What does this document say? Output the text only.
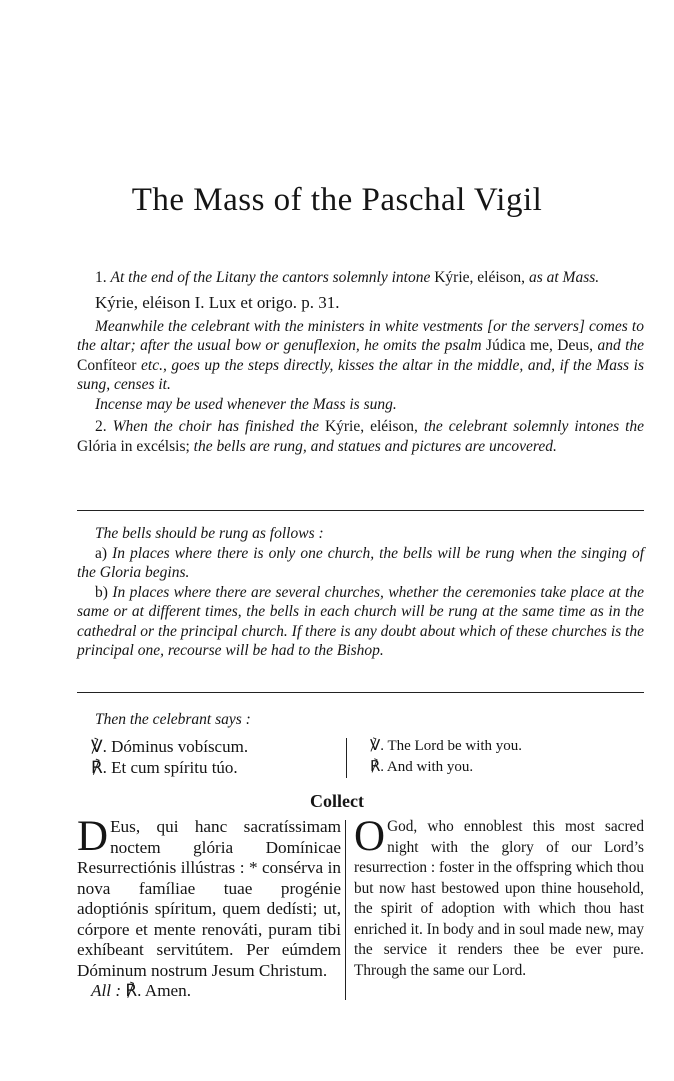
The Mass of the Paschal Vigil

1. At the end of the Litany the cantors solemnly intone Kýrie, eléison, as at Mass.

Kýrie, eléison I. Lux et origo. p. 31.

Meanwhile the celebrant with the ministers in white vestments [or the servers] comes to the altar; after the usual bow or genuflexion, he omits the psalm Júdica me, Deus, and the Confíteor etc., goes up the steps directly, kisses the altar in the middle, and, if the Mass is sung, censes it.

Incense may be used whenever the Mass is sung.

2. When the choir has finished the Kýrie, eléison, the celebrant solemnly intones the Glória in excélsis; the bells are rung, and statues and pictures are uncovered.

The bells should be rung as follows :

a) In places where there is only one church, the bells will be rung when the singing of the Gloria begins.

b) In places where there are several churches, whether the ceremonies take place at the same or at different times, the bells in each church will be rung at the same time as in the cathedral or the principal church. If there is any doubt about which of these churches is the principal one, recourse will be had to the Bishop.

Then the celebrant says :

℣. Dóminus vobíscum.
℟. Et cum spíritu túo.
℣. The Lord be with you.
℟. And with you.
Collect
D Eus, qui hanc sacratíssimam noctem glória Domínicae Resurrectiónis illústras : * consérva in nova famíliae tuae progénie adoptiónis spíritum, quem dedísti; ut, córpore et mente renováti, puram tibi exhíbeant servitútem. Per eúmdem Dóminum nostrum Jesum Christum.
All : ℟. Amen.
O God, who ennoblest this most sacred night with the glory of our Lord’s resurrection : foster in the offspring which thou but now hast bestowed upon thine household, the spirit of adoption with which thou hast enriched it. In body and in soul made new, may the service it renders thee be ever pure. Through the same our Lord.
